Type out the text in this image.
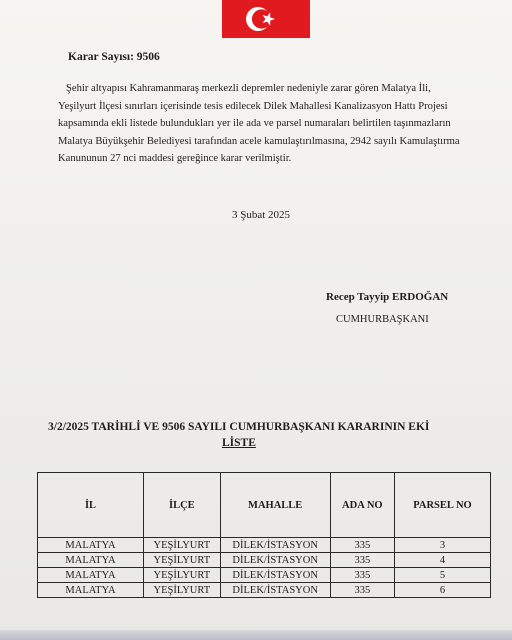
Karar Sayısı: 9506
Şehir altyapısı Kahramanmaraş merkezli depremler nedeniyle zarar gören Malatya İli,
Yeşilyurt İlçesi sınırları içerisinde tesis edilecek Dilek Mahallesi Kanalizasyon Hattı Projesi
kapsamında ekli listede bulundukları yer ile ada ve parsel numaraları belirtilen taşınmazların
Malatya Büyükşehir Belediyesi tarafından acele kamulaştırılmasına, 2942 sayılı Kamulaştırma
Kanununun 27 nci maddesi gereğince karar verilmiştir.
3 Şubat 2025
Recep Tayyip ERDOĞAN
CUMHURBAŞKANI
3/2/2025 TARİHLİ VE 9506 SAYILI CUMHURBAŞKANI KARARININ EKİ
LİSTE
İL	İLÇE	MAHALLE	ADA NO	PARSEL NO
MALATYA	YEŞİLYURT	DİLEK/İSTASYON	335	3
MALATYA	YEŞİLYURT	DİLEK/İSTASYON	335	4
MALATYA	YEŞİLYURT	DİLEK/İSTASYON	335	5
MALATYA	YEŞİLYURT	DİLEK/İSTASYON	335	6
